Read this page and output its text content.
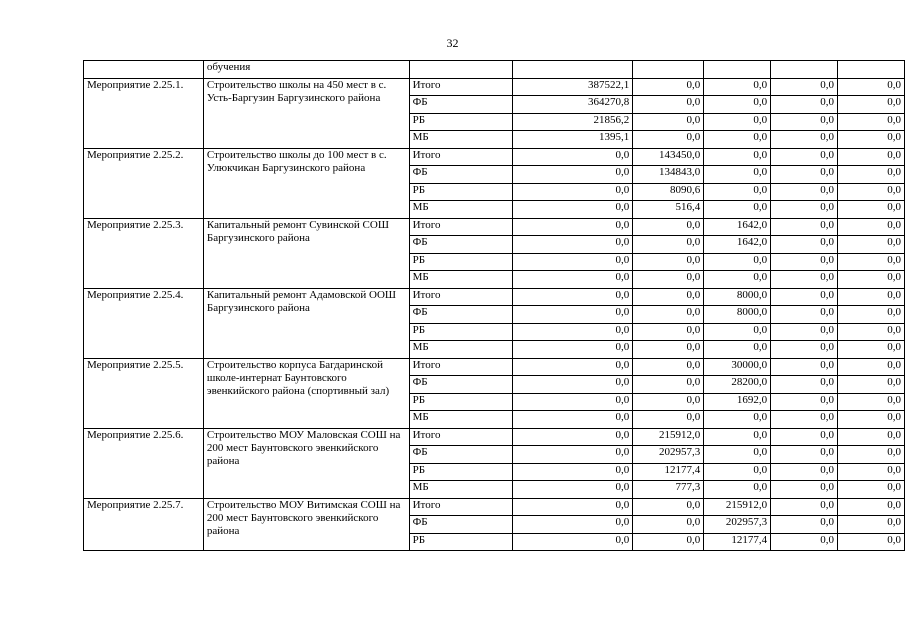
32
	обучения						
Мероприятие 2.25.1.	Строительство школы на 450 мест в с. Усть-Баргузин Баргузинского района	Итого	387522,1	0,0	0,0	0,0	0,0
		ФБ	364270,8	0,0	0,0	0,0	0,0
		РБ	21856,2	0,0	0,0	0,0	0,0
		МБ	1395,1	0,0	0,0	0,0	0,0
Мероприятие 2.25.2.	Строительство школы до 100 мест в с. Улюкчикан Баргузинского района	Итого	0,0	143450,0	0,0	0,0	0,0
		ФБ	0,0	134843,0	0,0	0,0	0,0
		РБ	0,0	8090,6	0,0	0,0	0,0
		МБ	0,0	516,4	0,0	0,0	0,0
Мероприятие 2.25.3.	Капитальный ремонт Сувинской СОШ Баргузинского района	Итого	0,0	0,0	1642,0	0,0	0,0
		ФБ	0,0	0,0	1642,0	0,0	0,0
		РБ	0,0	0,0	0,0	0,0	0,0
		МБ	0,0	0,0	0,0	0,0	0,0
Мероприятие 2.25.4.	Капитальный ремонт Адамовской ООШ Баргузинского района	Итого	0,0	0,0	8000,0	0,0	0,0
		ФБ	0,0	0,0	8000,0	0,0	0,0
		РБ	0,0	0,0	0,0	0,0	0,0
		МБ	0,0	0,0	0,0	0,0	0,0
Мероприятие 2.25.5.	Строительство корпуса Багдаринской школе-интернат Баунтовского эвенкийского района (спортивный зал)	Итого	0,0	0,0	30000,0	0,0	0,0
		ФБ	0,0	0,0	28200,0	0,0	0,0
		РБ	0,0	0,0	1692,0	0,0	0,0
		МБ	0,0	0,0	0,0	0,0	0,0
Мероприятие 2.25.6.	Строительство МОУ Маловская СОШ на 200 мест Баунтовского эвенкийского района	Итого	0,0	215912,0	0,0	0,0	0,0
		ФБ	0,0	202957,3	0,0	0,0	0,0
		РБ	0,0	12177,4	0,0	0,0	0,0
		МБ	0,0	777,3	0,0	0,0	0,0
Мероприятие 2.25.7.	Строительство МОУ Витимская СОШ на 200 мест Баунтовского эвенкийского района	Итого	0,0	0,0	215912,0	0,0	0,0
		ФБ	0,0	0,0	202957,3	0,0	0,0
		РБ	0,0	0,0	12177,4	0,0	0,0
